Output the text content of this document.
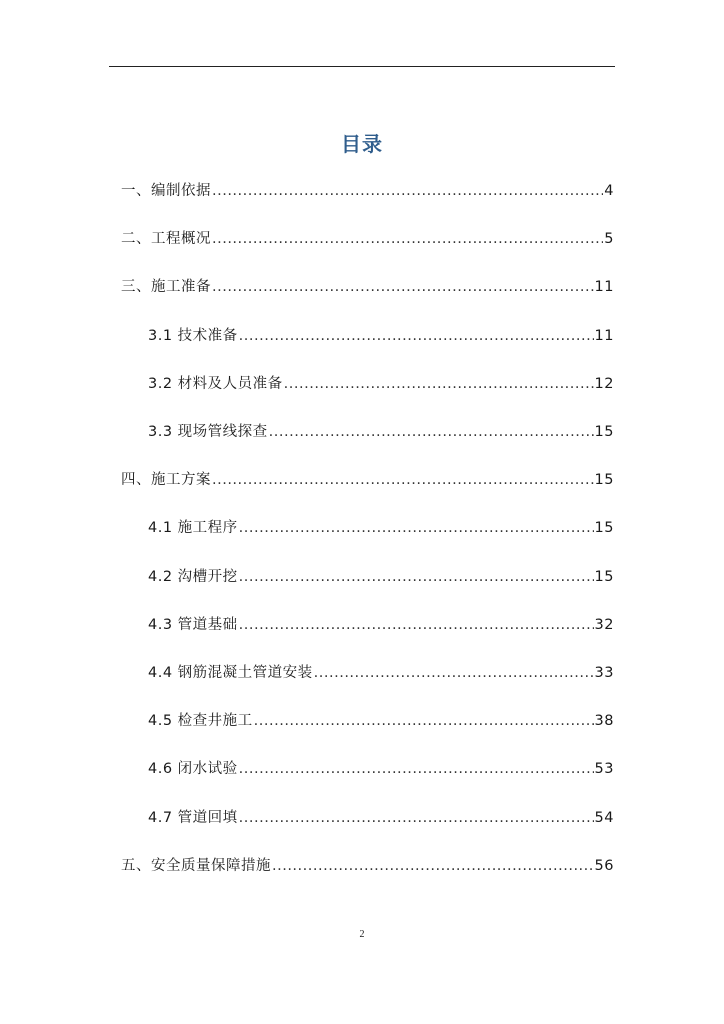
目录
一、编制依据 .....	4
二、工程概况 .....	5
三、施工准备 .....	11
3.1 技术准备 .....	11
3.2 材料及人员准备 .....	12
3.3 现场管线探查 .....	15
四、施工方案 .....	15
4.1 施工程序 .....	15
4.2 沟槽开挖 .....	15
4.3 管道基础 .....	32
4.4 钢筋混凝土管道安装 .....	33
4.5 检查井施工 .....	38
4.6 闭水试验 .....	53
4.7 管道回填 .....	54
五、安全质量保障措施 .....	56
2
